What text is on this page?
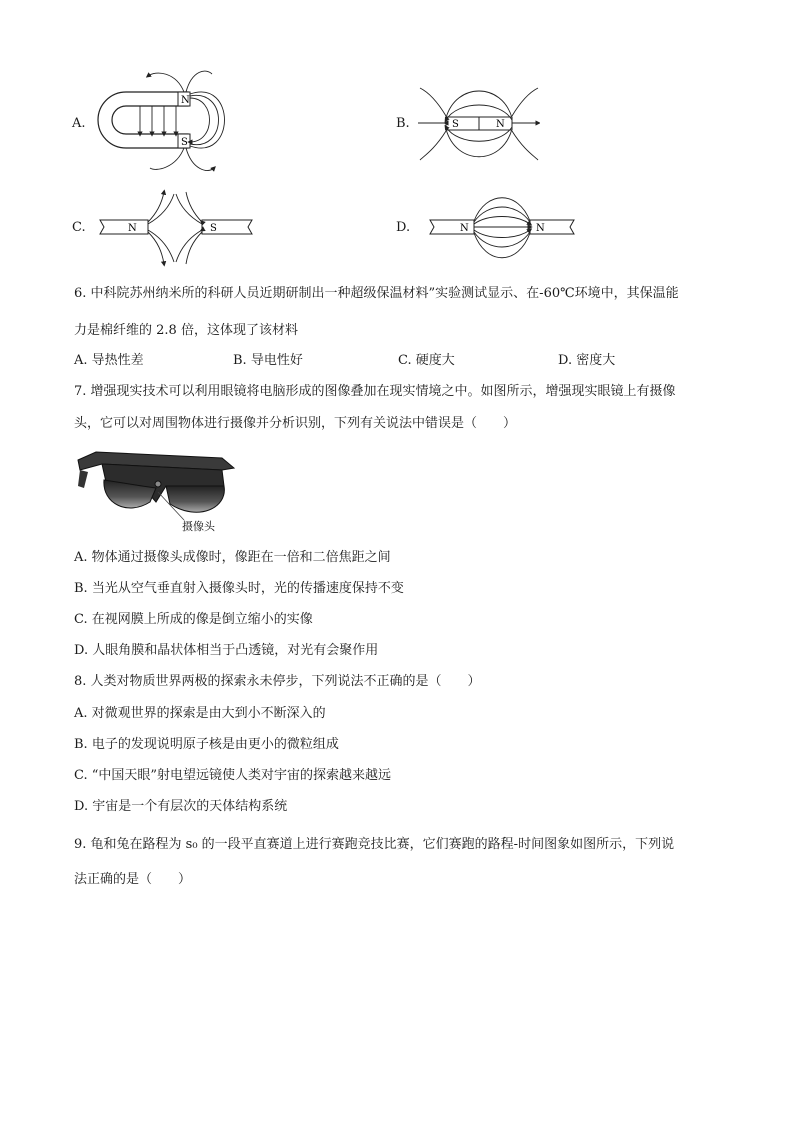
A.
N
S
B.	S	N
C.	N	S	D.	N	N
6. 中科院苏州纳米所的科研人员近期研制出一种超级保温材料”实验测试显示、在-60℃环境中，其保温能
力是棉纤维的 2.8 倍，这体现了该材料
A. 导热性差	B. 导电性好	C. 硬度大	D. 密度大
7. 增强现实技术可以利用眼镜将电脑形成的图像叠加在现实情境之中。如图所示，增强现实眼镜上有摄像
头，它可以对周围物体进行摄像并分析识别，下列有关说法中错误是（　　）
摄像头
A. 物体通过摄像头成像时，像距在一倍和二倍焦距之间
B. 当光从空气垂直射入摄像头时，光的传播速度保持不变
C. 在视网膜上所成的像是倒立缩小的实像
D. 人眼角膜和晶状体相当于凸透镜，对光有会聚作用
8. 人类对物质世界两极的探索永未停步，下列说法不正确的是（　　）
A. 对微观世界的探索是由大到小不断深入的
B. 电子的发现说明原子核是由更小的微粒组成
C. “中国天眼”射电望远镜使人类对宇宙的探索越来越远
D. 宇宙是一个有层次的天体结构系统
9. 龟和兔在路程为 s₀ 的一段平直赛道上进行赛跑竞技比赛，它们赛跑的路程-时间图象如图所示，下列说
法正确的是（　　）
